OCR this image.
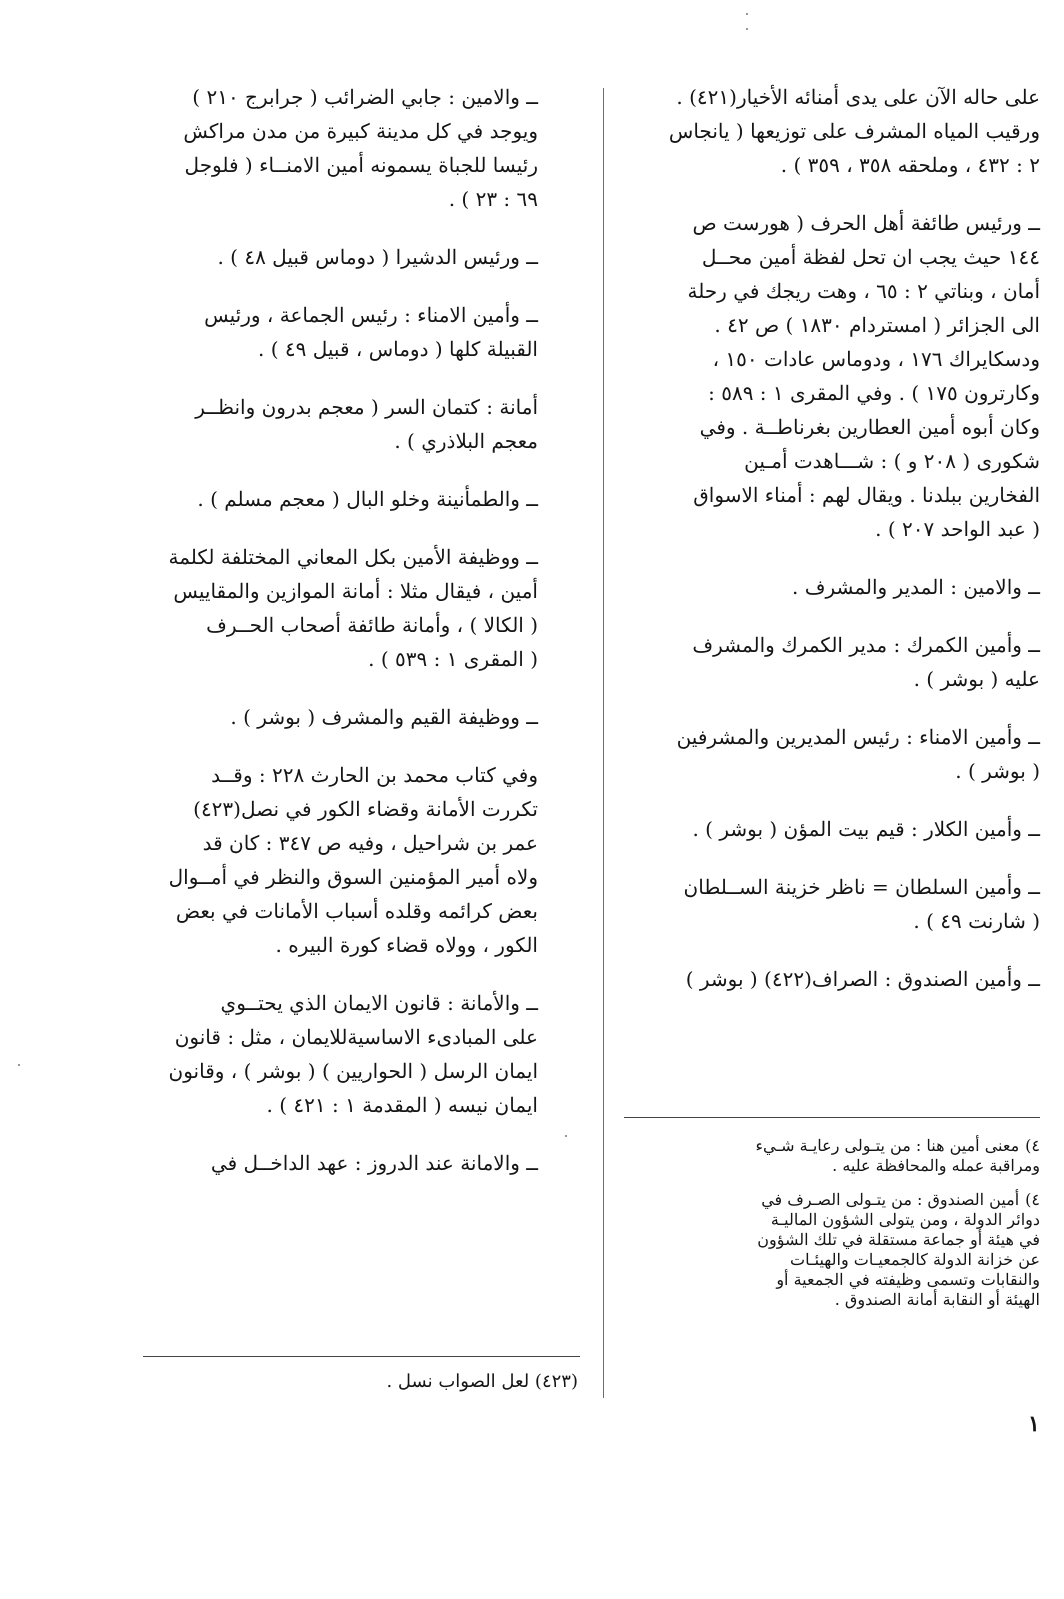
على حاله الآن على يدى أمنائه الأخيار(٤٢١) .
ورقيب المياه المشرف على توزيعها ( يانجاس
٢ : ٤٣٢ ، وملحقه ٣٥٨ ، ٣٥٩ ) .

ــ ورئيس طائفة أهل الحرف ( هورست ص
١٤٤ حيث يجب ان تحل لفظة أمين محــل
أمان ، وبناتي ٢ : ٦٥ ، وهت ريجك في رحلة
الى الجزائر ( امستردام ١٨٣٠ ) ص ٤٢ .
ودسكايراك ١٧٦ ، ودوماس عادات ١٥٠ ،
وكارترون ١٧٥ ) . وفي المقرى ١ : ٥٨٩ :
وكان أبوه أمين العطارين بغرناطــة . وفي
شكورى ( ٢٠٨ و ) : شـــاهدت أمـين
الفخارين ببلدنا . ويقال لهم : أمناء الاسواق
( عبد الواحد ٢٠٧ ) .

ــ والامين : المدير والمشرف .

ــ وأمين الكمرك : مدير الكمرك والمشرف
عليه ( بوشر ) .

ــ وأمين الامناء : رئيس المديرين والمشرفين
( بوشر ) .

ــ وأمين الكلار : قيم بيت المؤن ( بوشر ) .

ــ وأمين السلطان = ناظر خزينة الســلطان
( شارنت ٤٩ ) .

ــ وأمين الصندوق : الصراف(٤٢٢) ( بوشر )

٤)معنى أمين هنا : من يتـولى رعايـة شـيء
ومراقبة عمله والمحافظة عليه .

٤)أمين الصندوق : من يتـولى الصـرف في
دوائر الدولة ، ومن يتولى الشؤون الماليـة
في هيئة أو جماعة مستقلة في تلك الشؤون
عن خزانة الدولة كالجمعيـات والهيئـات
والنقابات وتسمى وظيفته في الجمعية أو
الهيئة أو النقابة أمانة الصندوق .

ــ والامين : جابي الضرائب ( جرابرج ٢١٠ )
ويوجد في كل مدينة كبيرة من مدن مراكش
رئيسا للجباة يسمونه أمين الامنــاء ( فلوجل
٦٩ : ٢٣ ) .

ــ ورئيس الدشيرا ( دوماس قبيل ٤٨ ) .

ــ وأمين الامناء : رئيس الجماعة ، ورئيس
القبيلة كلها ( دوماس ، قبيل ٤٩ ) .

أمانة : كتمان السر ( معجم بدرون وانظــر
معجم البلاذري ) .

ــ والطمأنينة وخلو البال ( معجم مسلم ) .

ــ ووظيفة الأمين بكل المعاني المختلفة لكلمة
أمين ، فيقال مثلا : أمانة الموازين والمقاييس
( الكالا ) ، وأمانة طائفة أصحاب الحــرف
( المقرى ١ : ٥٣٩ ) .

ــ ووظيفة القيم والمشرف ( بوشر ) .

وفي كتاب محمد بن الحارث ٢٢٨ : وقــد
تكررت الأمانة وقضاء الكور في نصل(٤٢٣)
عمر بن شراحيل ، وفيه ص ٣٤٧ : كان قد
ولاه أمير المؤمنين السوق والنظر في أمــوال
بعض كرائمه وقلده أسباب الأمانات في بعض
الكور ، وولاه قضاء كورة البيره .

ــ والأمانة : قانون الايمان الذي يحتــوي
على المبادىء الاساسيةللايمان ، مثل : قانون
ايمان الرسل ( الحواريين ) ( بوشر ) ، وقانون
ايمان نيسه ( المقدمة ١ : ٤٢١ ) .

ــ والامانة عند الدروز : عهد الداخــل في

(٤٢٣) لعل الصواب نسل .
١
